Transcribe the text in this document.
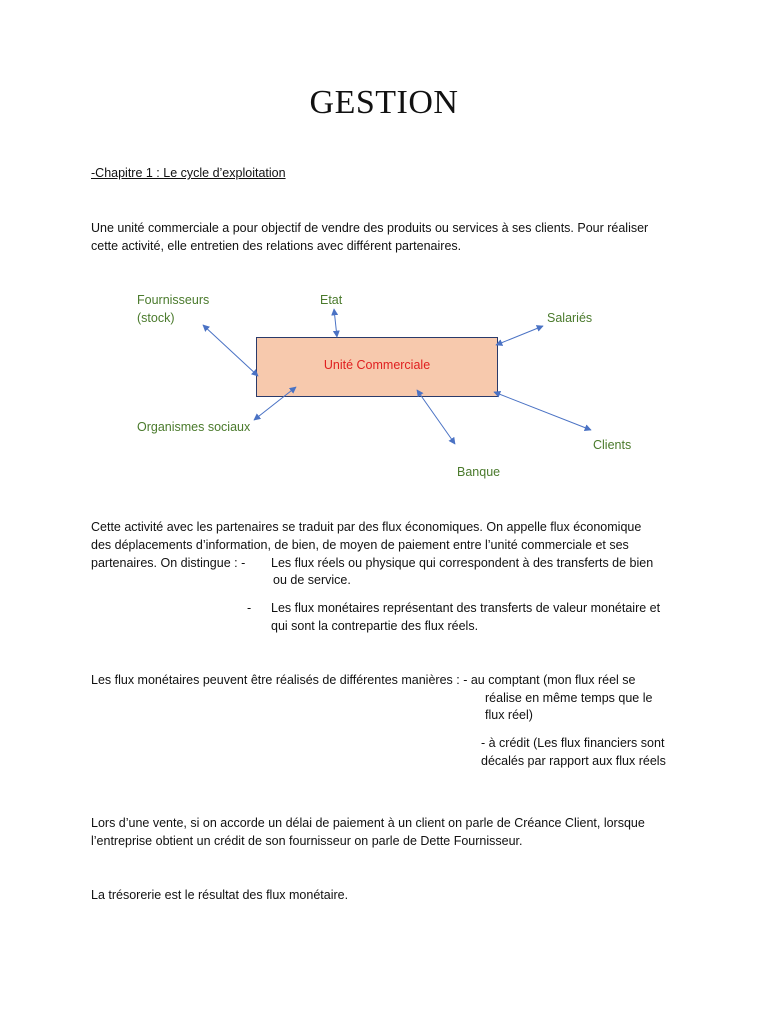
GESTION
-Chapitre 1 : Le cycle d’exploitation
Une unité commerciale a pour objectif de vendre des produits ou services à ses clients. Pour réaliser
cette activité, elle entretien des relations avec différent partenaires.
Unité Commerciale
Fournisseurs
(stock)
Etat
Salariés
Organismes sociaux
Clients
Banque
Cette activité avec les partenaires se traduit par des flux économiques. On appelle flux économique
des déplacements d’information, de bien, de moyen de paiement entre l’unité commerciale et ses
partenaires. On distingue : - Les flux réels ou physique qui correspondent à des transferts de bien
ou de service.
- Les flux monétaires représentant des transferts de valeur monétaire et
qui sont la contrepartie des flux réels.
Les flux monétaires peuvent être réalisés de différentes manières : - au comptant (mon flux réel se
réalise en même temps que le
flux réel)
- à crédit (Les flux financiers sont
décalés par rapport aux flux réels
Lors d’une vente, si on accorde un délai de paiement à un client on parle de Créance Client, lorsque
l’entreprise obtient un crédit de son fournisseur on parle de Dette Fournisseur.
La trésorerie est le résultat des flux monétaire.
